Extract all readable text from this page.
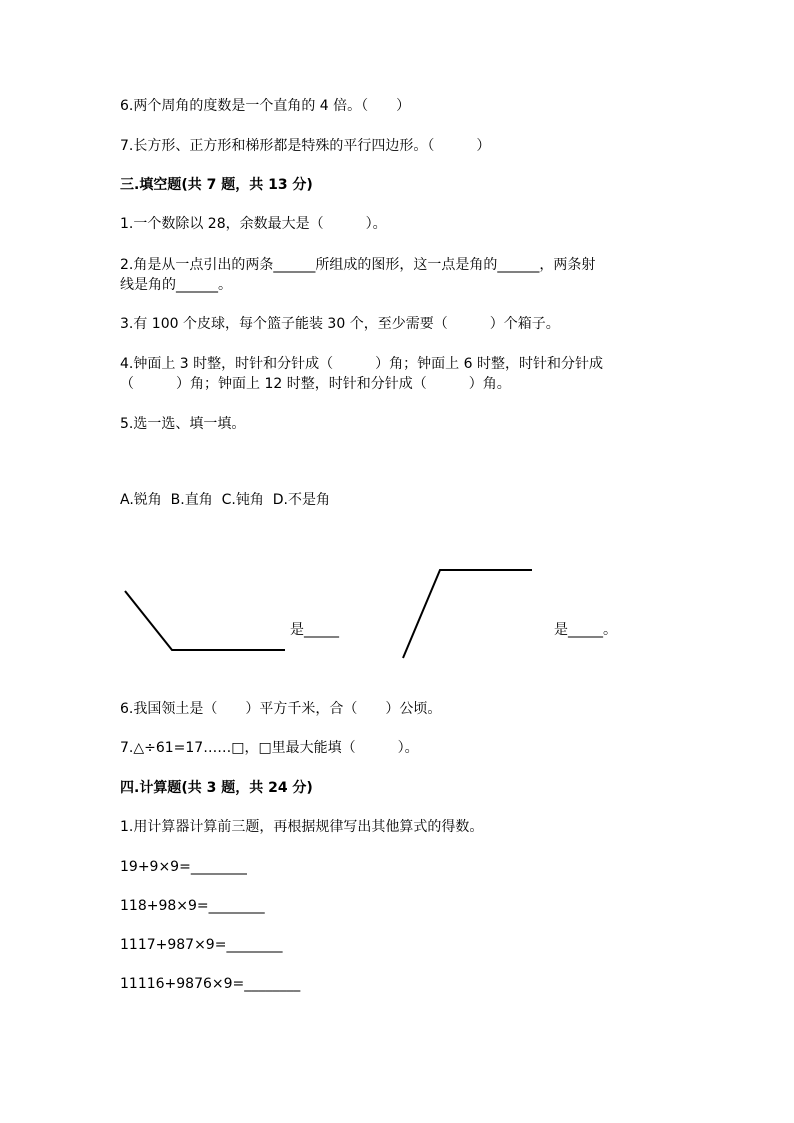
6.两个周角的度数是一个直角的 4 倍。（　　）
7.长方形、正方形和梯形都是特殊的平行四边形。（　　　）
三.填空题(共 7 题，共 13 分)
1.一个数除以 28，余数最大是（　　　）。
2.角是从一点引出的两条______所组成的图形，这一点是角的______，两条射
线是角的______。
3.有 100 个皮球，每个篮子能装 30 个，至少需要（　　　）个箱子。
4.钟面上 3 时整，时针和分针成（　　　）角；钟面上 6 时整，时针和分针成
（　　　）角；钟面上 12 时整，时针和分针成（　　　）角。
5.选一选、填一填。
A.锐角  B.直角  C.钝角  D.不是角
是_____	是_____。
6.我国领土是（　　）平方千米，合（　　）公顷。
7.△÷61=17……□，□里最大能填（　　　）。
四.计算题(共 3 题，共 24 分)
1.用计算器计算前三题，再根据规律写出其他算式的得数。
19+9×9=________
118+98×9=________
1117+987×9=________
11116+9876×9=________
